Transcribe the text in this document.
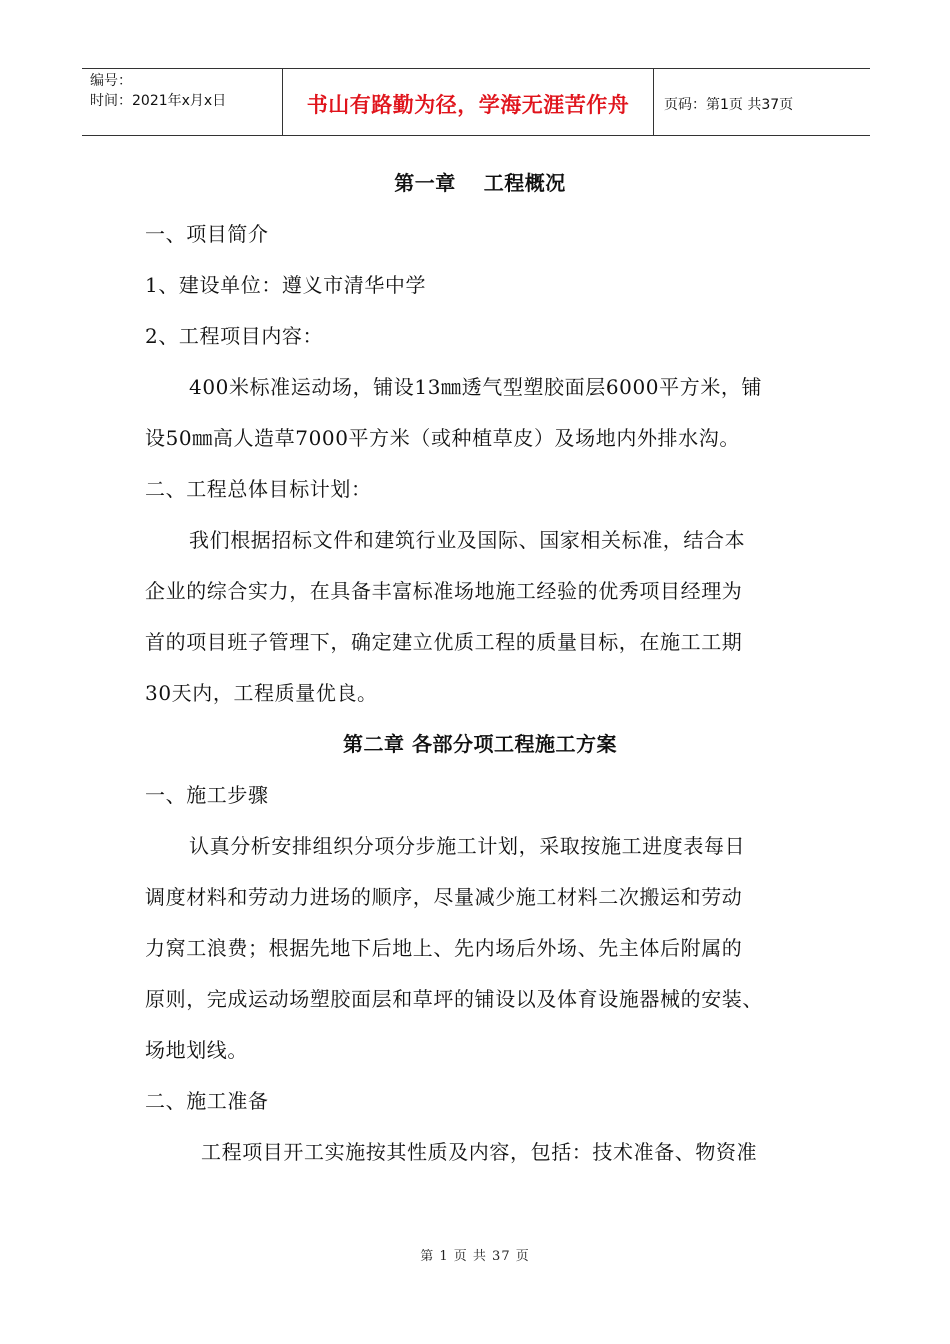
编号：
时间：2021年x月x日	书山有路勤为径，学海无涯苦作舟	页码：第1页 共37页
第一章　 工程概况
一、项目简介
1、建设单位：遵义市清华中学
2、工程项目内容：
400米标准运动场，铺设13㎜透气型塑胶面层6000平方米，铺
设50㎜高人造草7000平方米（或种植草皮）及场地内外排水沟。
二、工程总体目标计划：
我们根据招标文件和建筑行业及国际、国家相关标准，结合本
企业的综合实力，在具备丰富标准场地施工经验的优秀项目经理为
首的项目班子管理下，确定建立优质工程的质量目标，在施工工期
30天内，工程质量优良。
第二章 各部分项工程施工方案
一、施工步骤
认真分析安排组织分项分步施工计划，采取按施工进度表每日
调度材料和劳动力进场的顺序，尽量减少施工材料二次搬运和劳动
力窝工浪费；根据先地下后地上、先内场后外场、先主体后附属的
原则，完成运动场塑胶面层和草坪的铺设以及体育设施器械的安装、
场地划线。
二、施工准备
工程项目开工实施按其性质及内容，包括：技术准备、物资准
第 1 页 共 37 页
